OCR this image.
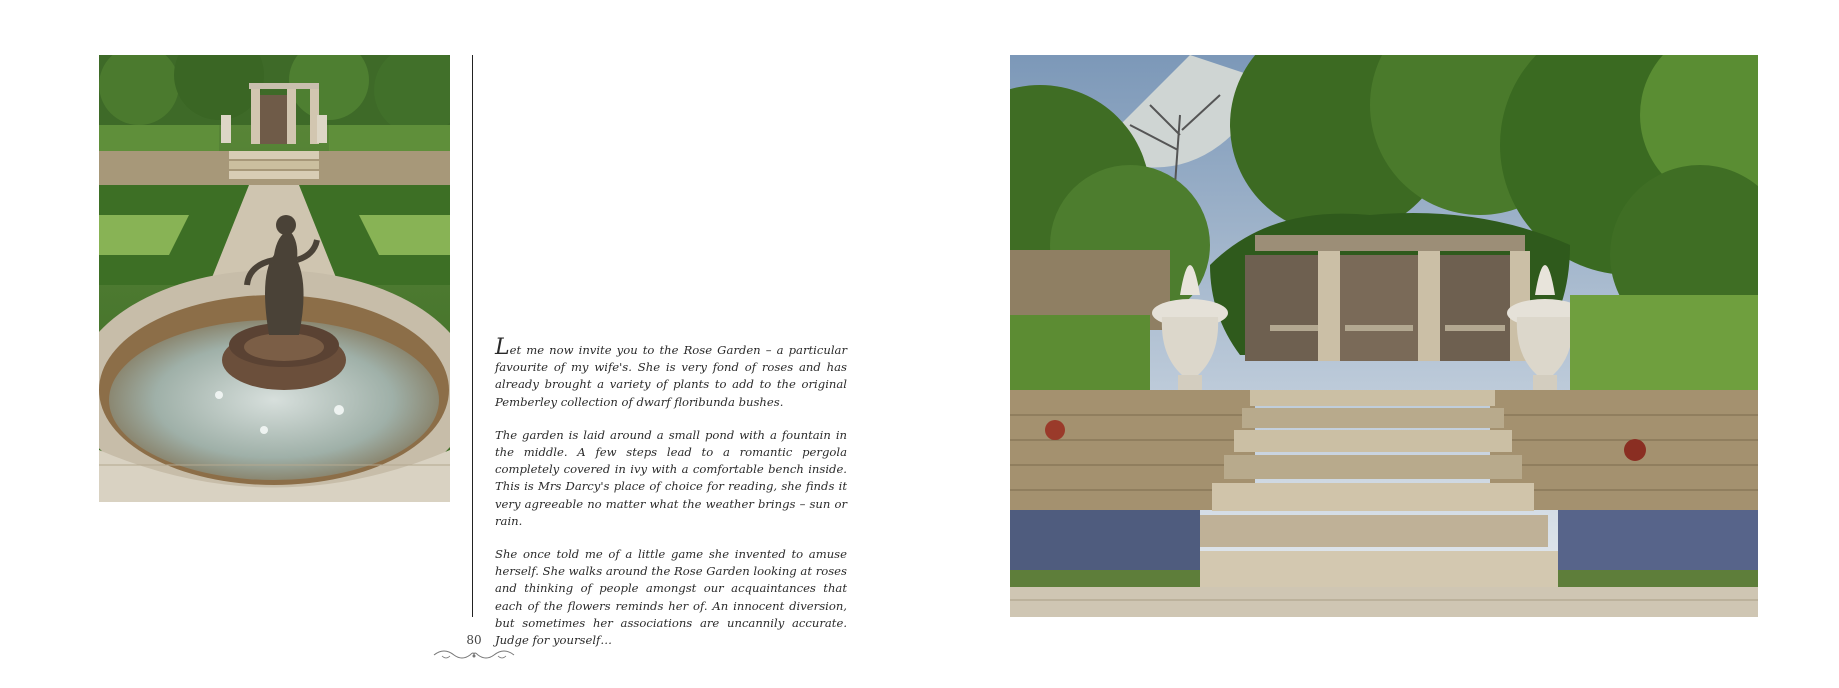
Let me now invite you to the Rose Garden – a particular favourite of my wife's. She is very fond of roses and has already brought a variety of plants to add to the original Pemberley collection of dwarf floribunda bushes.

The garden is laid around a small pond with a fountain in the middle. A few steps lead to a romantic pergola completely covered in ivy with a comfortable bench inside. This is Mrs Darcy's place of choice for reading, she finds it very agreeable no matter what the weather brings – sun or rain.

She once told me of a little game she invented to amuse herself. She walks around the Rose Garden looking at roses and thinking of people amongst our acquaintances that each of the flowers reminds her of. An innocent diversion, but sometimes her associations are uncannily accurate. Judge for yourself…

80
